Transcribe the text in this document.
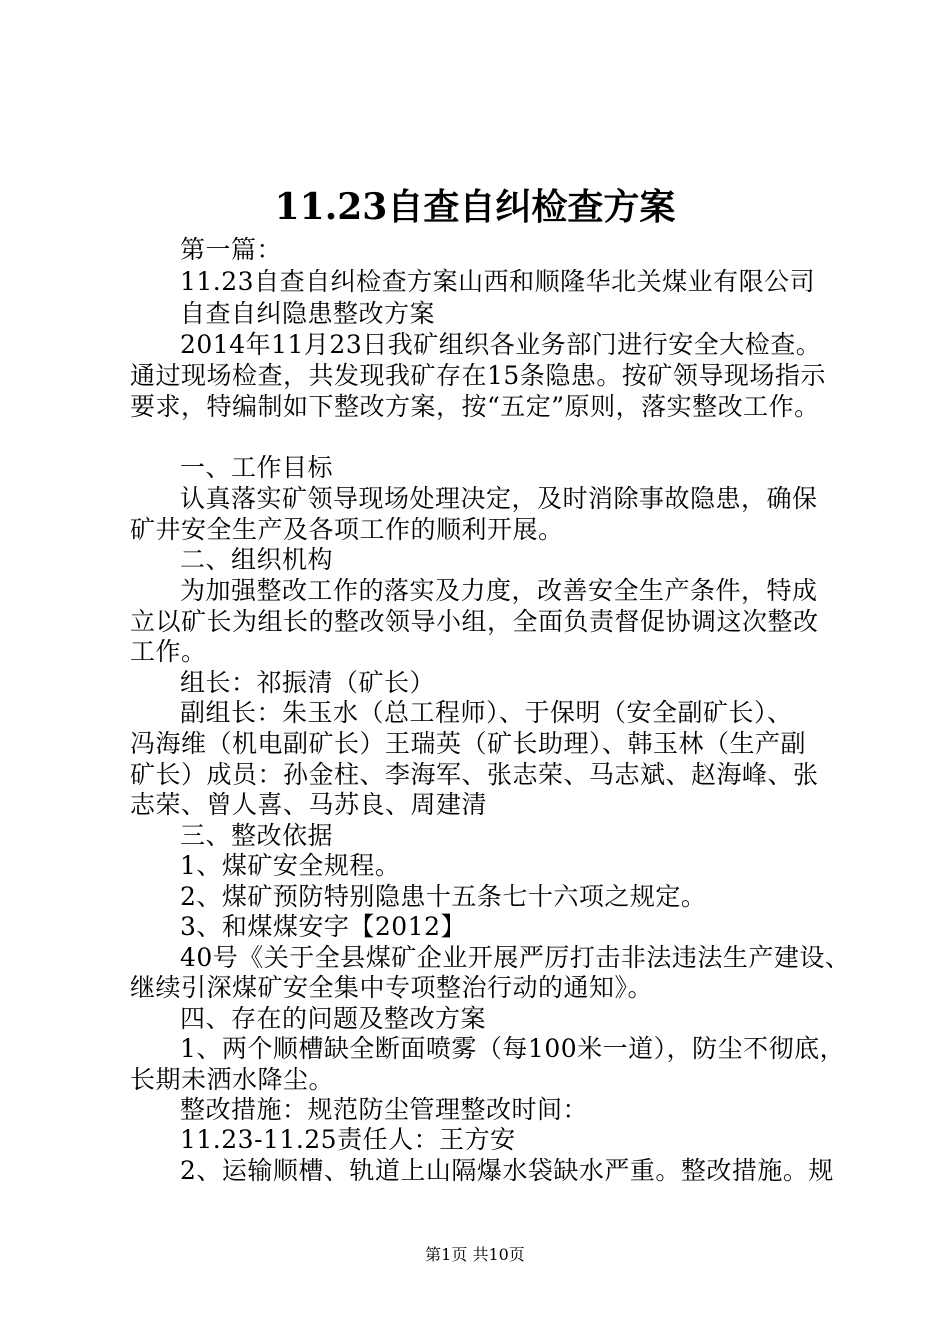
11.23自查自纠检查方案
第一篇：
11.23自查自纠检查方案山西和顺隆华北关煤业有限公司
自查自纠隐患整改方案
2014年11月23日我矿组织各业务部门进行安全大检查。
通过现场检查，共发现我矿存在15条隐患。按矿领导现场指示
要求，特编制如下整改方案，按“五定”原则，落实整改工作。
一、工作目标
认真落实矿领导现场处理决定，及时消除事故隐患，确保
矿井安全生产及各项工作的顺利开展。
二、组织机构
为加强整改工作的落实及力度，改善安全生产条件，特成
立以矿长为组长的整改领导小组，全面负责督促协调这次整改
工作。
组长：祁振清（矿长）
副组长：朱玉水（总工程师）、于保明（安全副矿长）、
冯海维（机电副矿长）王瑞英（矿长助理）、韩玉林（生产副
矿长）成员：孙金柱、李海军、张志荣、马志斌、赵海峰、张
志荣、曾人喜、马苏良、周建清
三、整改依据
1、煤矿安全规程。
2、煤矿预防特别隐患十五条七十六项之规定。
3、和煤煤安字【2012】
40号《关于全县煤矿企业开展严厉打击非法违法生产建设、
继续引深煤矿安全集中专项整治行动的通知》。
四、存在的问题及整改方案
1、两个顺槽缺全断面喷雾（每100米一道），防尘不彻底，
长期未洒水降尘。
整改措施：规范防尘管理整改时间：
11.23-11.25责任人：王方安
2、运输顺槽、轨道上山隔爆水袋缺水严重。整改措施。规
第1页 共10页
